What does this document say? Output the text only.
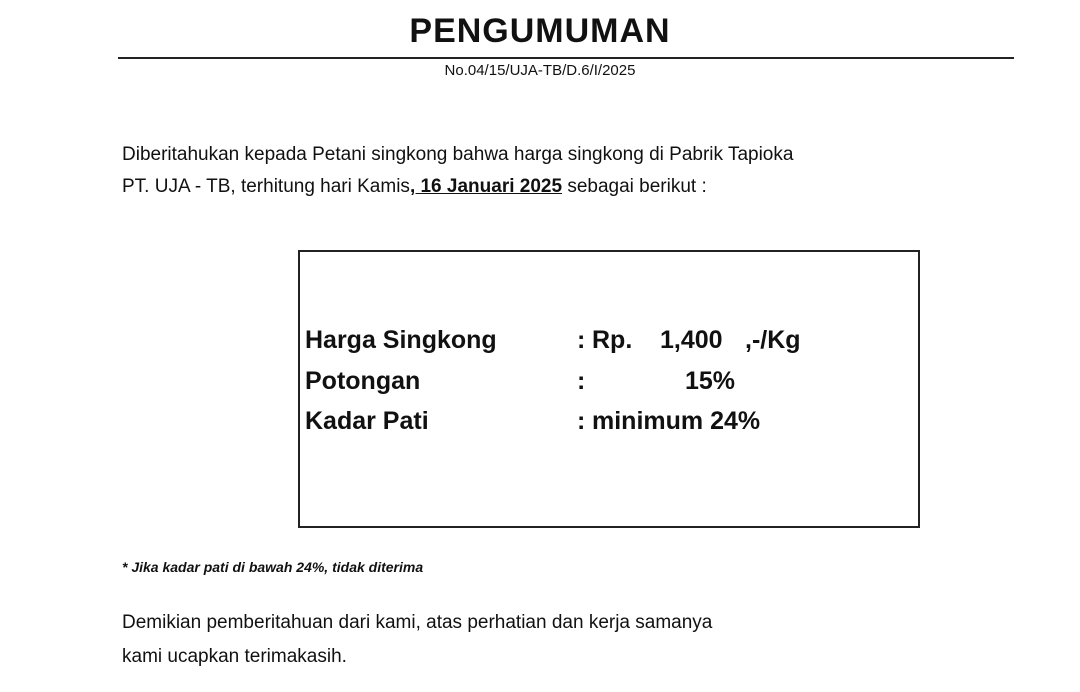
PENGUMUMAN
No.04/15/UJA-TB/D.6/I/2025

Diberitahukan kepada Petani singkong bahwa harga singkong di Pabrik Tapioka
PT. UJA - TB, terhitung hari Kamis, 16 Januari 2025 sebagai berikut :

Harga Singkong	: Rp. 1,400 ,-/Kg
Potongan	:	15%
Kadar Pati	: minimum 24%
* Jika kadar pati di bawah 24%, tidak diterima

Demikian pemberitahuan dari kami, atas perhatian dan kerja samanya
kami ucapkan terimakasih.
